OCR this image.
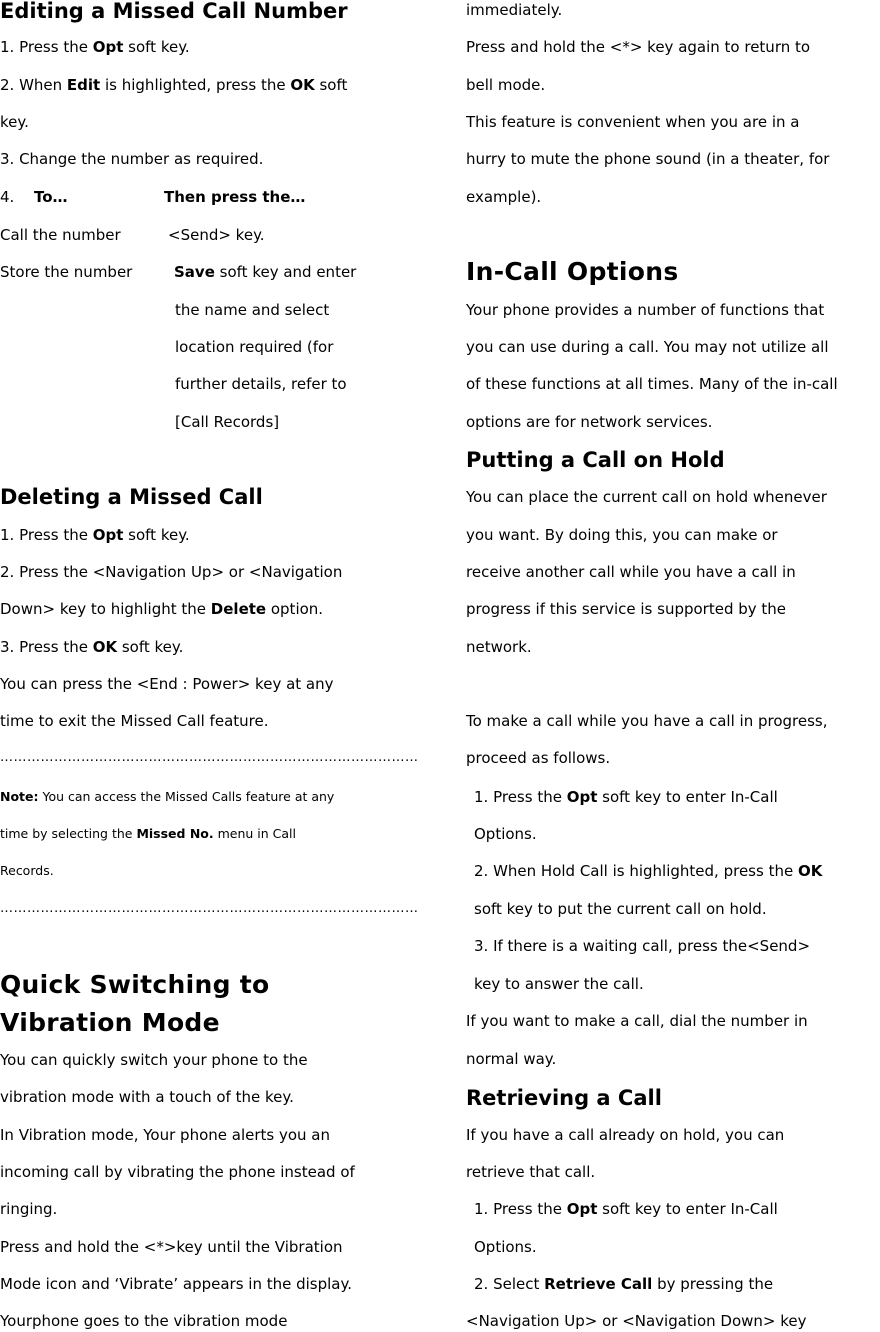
Editing a Missed Call Number
1. Press the Opt soft key.
2. When Edit is highlighted, press the OK soft
key.
3. Change the number as required.
4. To…	Then press the…
Call the number	<Send> key.
Store the number	Save soft key and enter
the name and select
location required (for
further details, refer to
[Call Records]
Deleting a Missed Call
1. Press the Opt soft key.
2. Press the <Navigation Up> or <Navigation
Down> key to highlight the Delete option.
3. Press the OK soft key.
You can press the <End : Power> key at any
time to exit the Missed Call feature.
…………………………………………………………………………………
Note: You can access the Missed Calls feature at any
time by selecting the Missed No. menu in Call
Records.
…………………………………………………………………………………
Quick Switching to
Vibration Mode
You can quickly switch your phone to the
vibration mode with a touch of the key.
In Vibration mode, Your phone alerts you an
incoming call by vibrating the phone instead of
ringing.
Press and hold the <*>key until the Vibration
Mode icon and ‘Vibrate’ appears in the display.
Yourphone goes to the vibration mode
immediately.
Press and hold the <*> key again to return to
bell mode.
This feature is convenient when you are in a
hurry to mute the phone sound (in a theater, for
example).
In-Call Options
Your phone provides a number of functions that
you can use during a call. You may not utilize all
of these functions at all times. Many of the in-call
options are for network services.
Putting a Call on Hold
You can place the current call on hold whenever
you want. By doing this, you can make or
receive another call while you have a call in
progress if this service is supported by the
network.
To make a call while you have a call in progress,
proceed as follows.
1. Press the Opt soft key to enter In-Call
Options.
2. When Hold Call is highlighted, press the OK
soft key to put the current call on hold.
3. If there is a waiting call, press the<Send>
key to answer the call.
If you want to make a call, dial the number in
normal way.
Retrieving a Call
If you have a call already on hold, you can
retrieve that call.
1. Press the Opt soft key to enter In-Call
Options.
2. Select Retrieve Call by pressing the
<Navigation Up> or <Navigation Down> key
